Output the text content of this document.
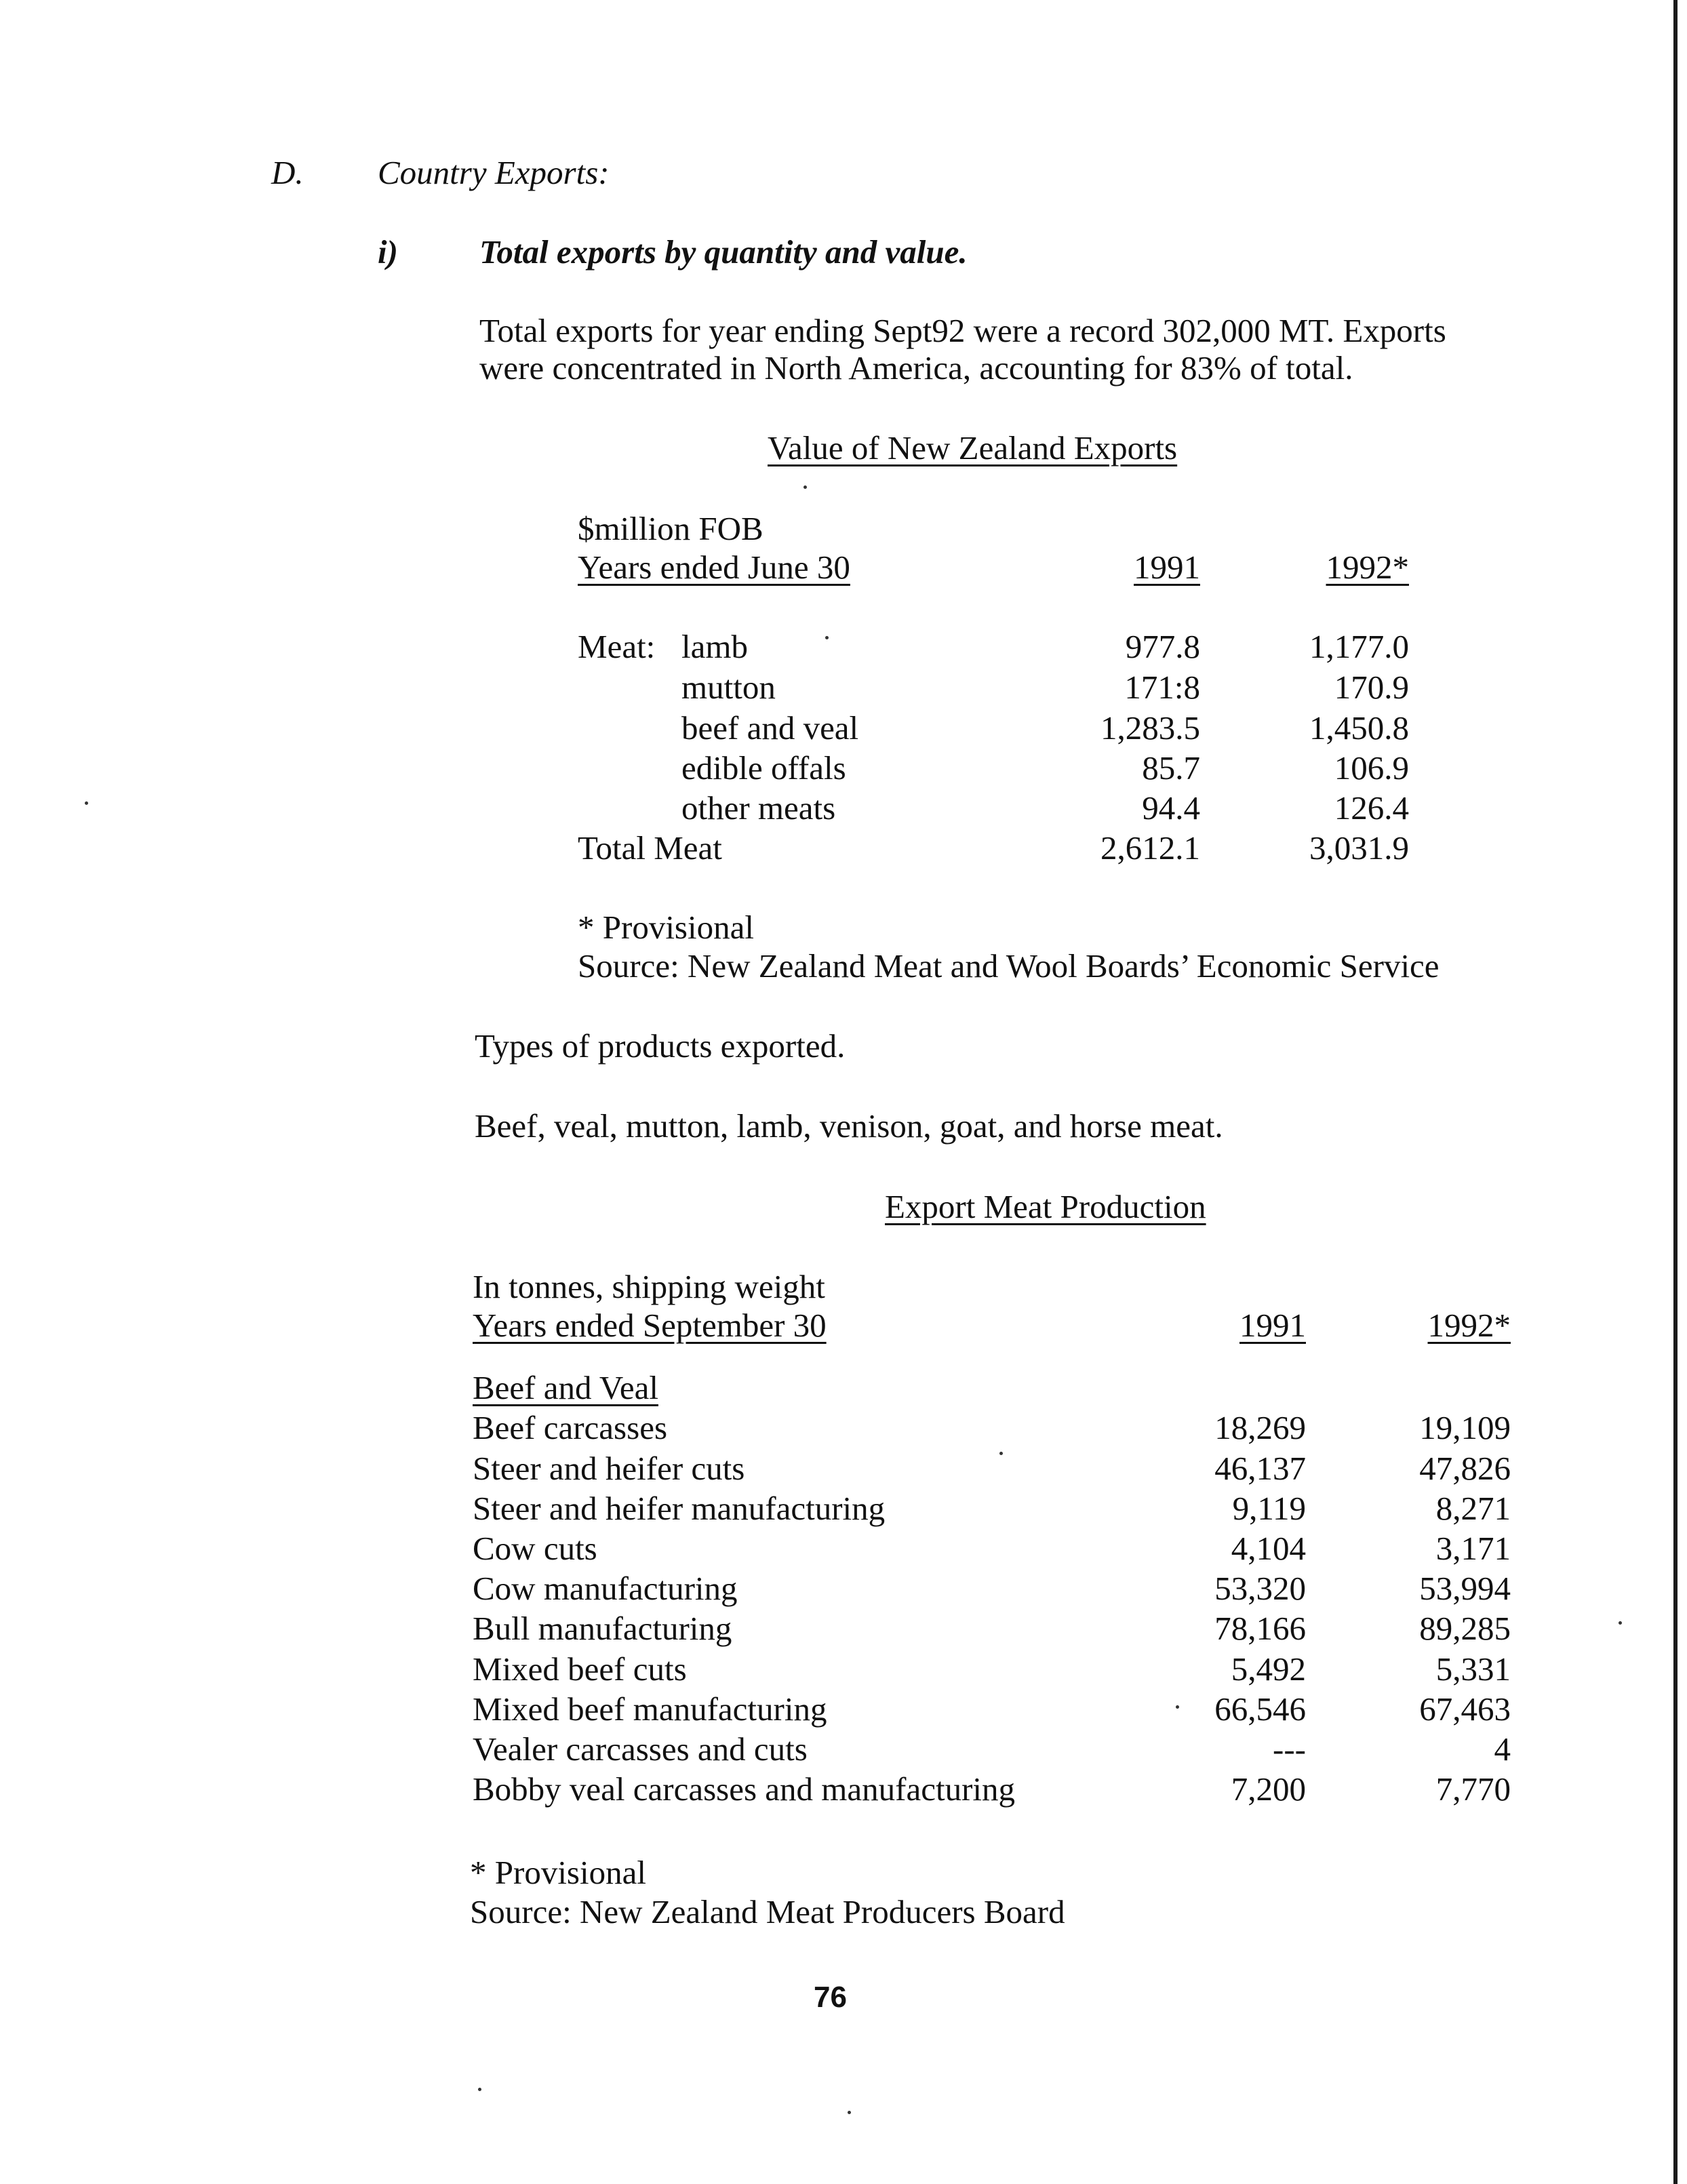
D. Country Exports:
i) Total exports by quantity and value.
Total exports for year ending Sept92 were a record 302,000 MT. Exports
were concentrated in North America, accounting for 83% of total.
Value of New Zealand Exports
$million FOB
Years ended June 30	1991	1992*
Meat: lamb	977.8	1,177.0
mutton	171:8	170.9
beef and veal	1,283.5	1,450.8
edible offals	85.7	106.9
other meats	94.4	126.4
Total Meat	2,612.1	3,031.9
* Provisional
Source: New Zealand Meat and Wool Boards’ Economic Service
Types of products exported.
Beef, veal, mutton, lamb, venison, goat, and horse meat.
Export Meat Production
In tonnes, shipping weight
Years ended September 30	1991	1992*
Beef and Veal
Beef carcasses	18,269	19,109
Steer and heifer cuts	46,137	47,826
Steer and heifer manufacturing	9,119	8,271
Cow cuts	4,104	3,171
Cow manufacturing	53,320	53,994
Bull manufacturing	78,166	89,285
Mixed beef cuts	5,492	5,331
Mixed beef manufacturing	66,546	67,463
Vealer carcasses and cuts	---	4
Bobby veal carcasses and manufacturing	7,200	7,770
* Provisional
Source: New Zealand Meat Producers Board
76
